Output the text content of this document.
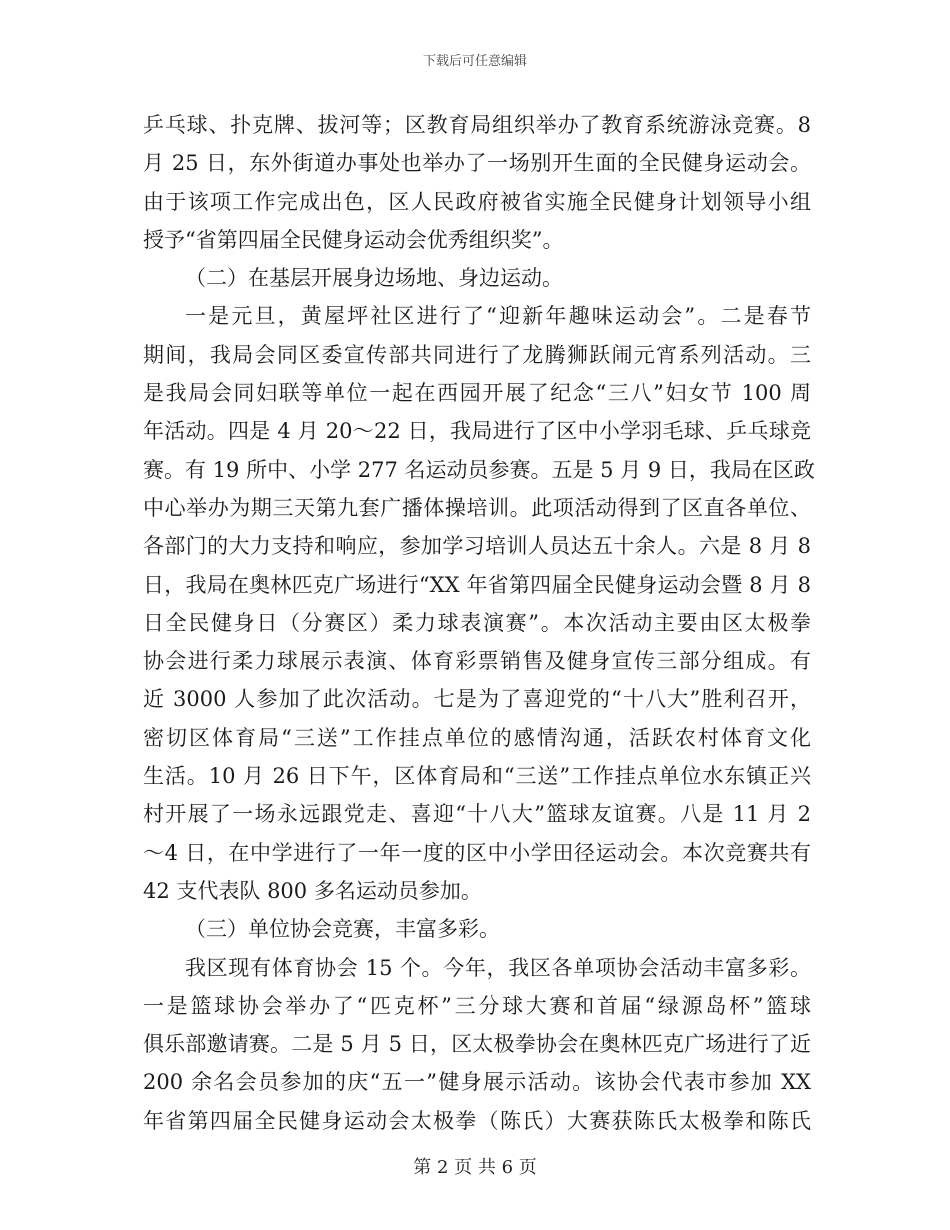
下载后可任意编辑
乒乓球、扑克牌、拔河等；区教育局组织举办了教育系统游泳竞赛。8
月 25 日，东外街道办事处也举办了一场别开生面的全民健身运动会。
由于该项工作完成出色，区人民政府被省实施全民健身计划领导小组
授予“省第四届全民健身运动会优秀组织奖”。
（二）在基层开展身边场地、身边运动。
一是元旦，黄屋坪社区进行了“迎新年趣味运动会”。二是春节
期间，我局会同区委宣传部共同进行了龙腾狮跃闹元宵系列活动。三
是我局会同妇联等单位一起在西园开展了纪念“三八”妇女节 100 周
年活动。四是 4 月 20～22 日，我局进行了区中小学羽毛球、乒乓球竞
赛。有 19 所中、小学 277 名运动员参赛。五是 5 月 9 日，我局在区政
中心举办为期三天第九套广播体操培训。此项活动得到了区直各单位、
各部门的大力支持和响应，参加学习培训人员达五十余人。六是 8 月 8
日，我局在奥林匹克广场进行“XX 年省第四届全民健身运动会暨 8 月 8
日全民健身日（分赛区）柔力球表演赛”。本次活动主要由区太极拳
协会进行柔力球展示表演、体育彩票销售及健身宣传三部分组成。有
近 3000 人参加了此次活动。七是为了喜迎党的“十八大”胜利召开，
密切区体育局“三送”工作挂点单位的感情沟通，活跃农村体育文化
生活。10 月 26 日下午，区体育局和“三送”工作挂点单位水东镇正兴
村开展了一场永远跟党走、喜迎“十八大”篮球友谊赛。八是 11 月 2
～4 日，在中学进行了一年一度的区中小学田径运动会。本次竞赛共有
42 支代表队 800 多名运动员参加。
（三）单位协会竞赛，丰富多彩。
我区现有体育协会 15 个。今年，我区各单项协会活动丰富多彩。
一是篮球协会举办了“匹克杯”三分球大赛和首届“绿源岛杯”篮球
俱乐部邀请赛。二是 5 月 5 日，区太极拳协会在奥林匹克广场进行了近
200 余名会员参加的庆“五一”健身展示活动。该协会代表市参加 XX
年省第四届全民健身运动会太极拳（陈氏）大赛获陈氏太极拳和陈氏
第 2 页 共 6 页
